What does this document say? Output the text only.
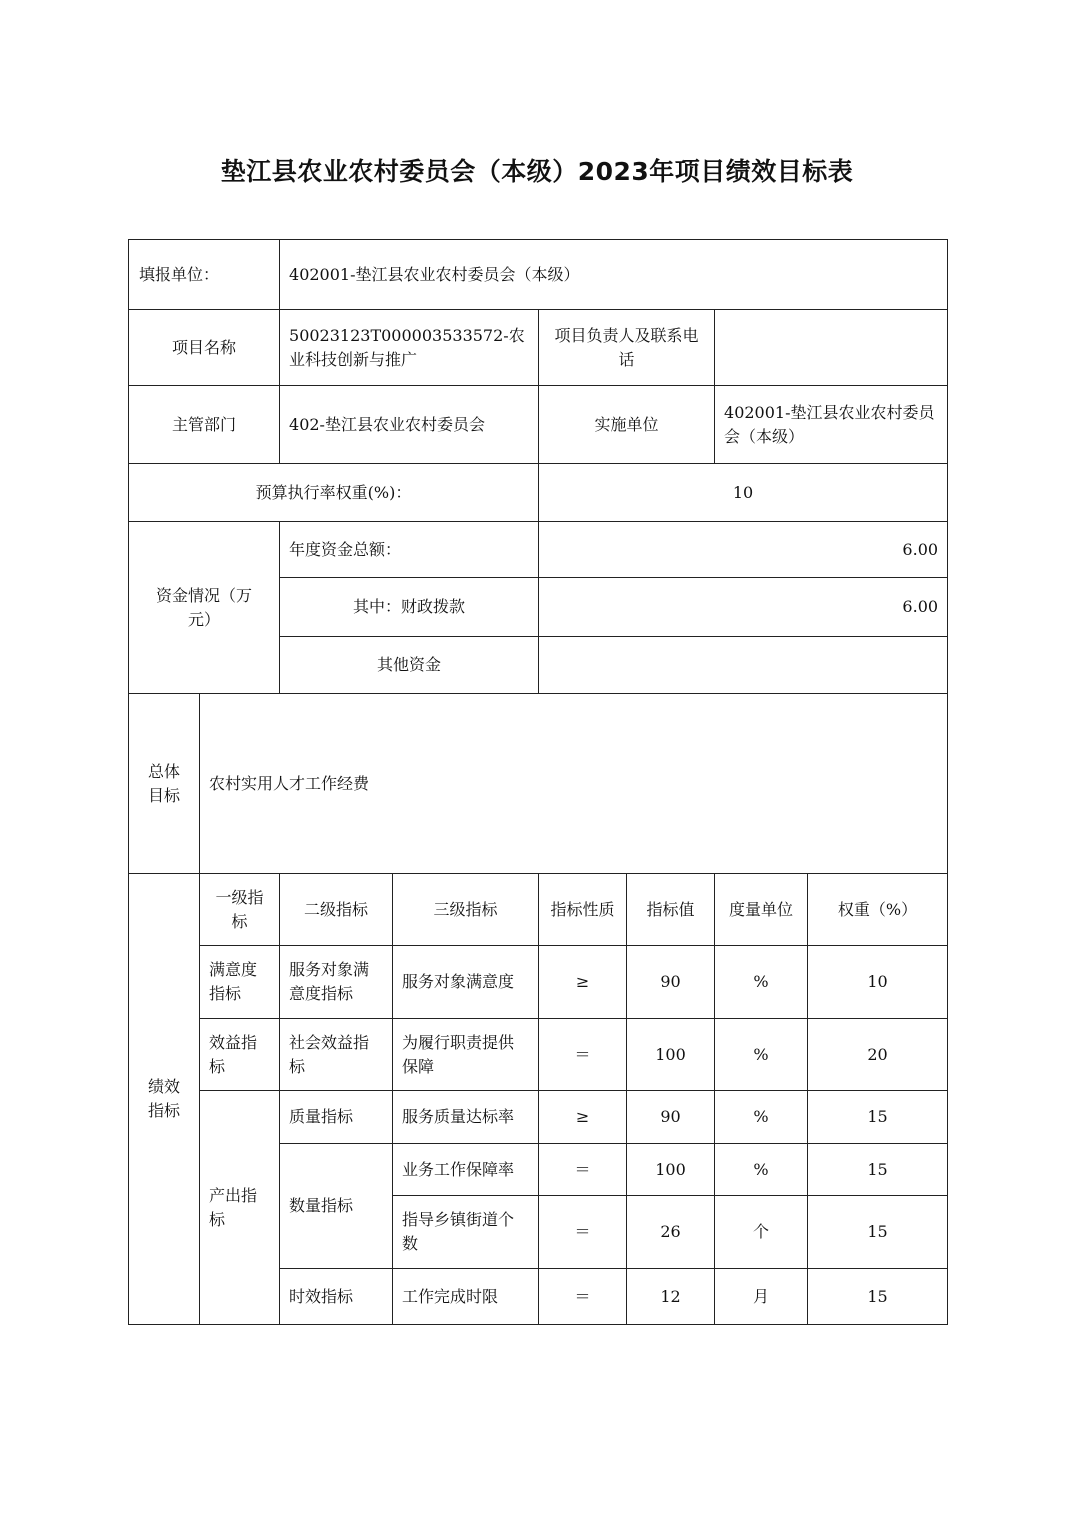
垫江县农业农村委员会（本级）2023年项目绩效目标表
填报单位：		402001-垫江县农业农村委员会（本级）					
项目名称		50023123T000003533572-农业科技创新与推广		项目负责人及联系电话			
主管部门		402-垫江县农业农村委员会		实施单位		402001-垫江县农业农村委员会（本级）	
预算执行率权重(%)：				10			
资金情况（万元）		年度资金总额：		6.00			
		其中：财政拨款		6.00			
		其他资金					
总体目标	农村实用人才工作经费						
绩效指标	一级指标	二级指标	三级指标	指标性质	指标值	度量单位	权重（%）
	满意度指标	服务对象满意度指标	服务对象满意度	≥	90	%	10
	效益指标	社会效益指标	为履行职责提供保障	＝	100	%	20
	产出指标	质量指标	服务质量达标率	≥	90	%	15
		数量指标	业务工作保障率	＝	100	%	15
			指导乡镇街道个数	＝	26	个	15
		时效指标	工作完成时限	＝	12	月	15
